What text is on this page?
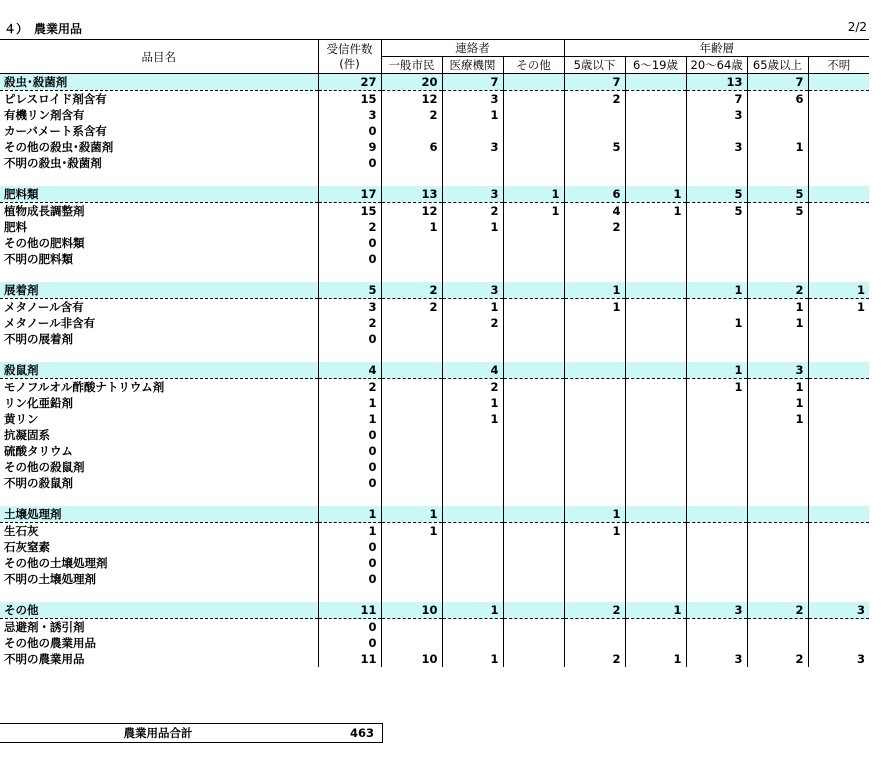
４）　農業用品	2/2
品目名	受信件数
(件)	連絡者			年齢層				
		一般市民	医療機関	その他	5歳以下	6～19歳	20～64歳	65歳以上	不明
殺虫･殺菌剤	27	20	7		7		13	7	
ピレスロイド剤含有	15	12	3		2		7	6	
有機リン剤含有	3	2	1				3		
カーバメート系含有	0								
その他の殺虫･殺菌剤	9	6	3		5		3	1	
不明の殺虫･殺菌剤	0								

肥料類	17	13	3	1	6	1	5	5	
植物成長調整剤	15	12	2	1	4	1	5	5	
肥料	2	1	1		2				
その他の肥料類	0								
不明の肥料類	0								

展着剤	5	2	3		1		1	2	1
メタノール含有	3	2	1		1			1	1
メタノール非含有	2		2				1	1	
不明の展着剤	0								

殺鼠剤	4		4				1	3	
モノフルオル酢酸ナトリウム剤	2		2				1	1	
リン化亜鉛剤	1		1					1	
黄リン	1		1					1	
抗凝固系	0								
硫酸タリウム	0								
その他の殺鼠剤	0								
不明の殺鼠剤	0								

土壌処理剤	1	1			1				
生石灰	1	1			1				
石灰窒素	0								
その他の土壌処理剤	0								
不明の土壌処理剤	0								

その他	11	10	1		2	1	3	2	3
忌避剤・誘引剤	0								
その他の農業用品	0								
不明の農業用品	11	10	1		2	1	3	2	3
農業用品合計	463
